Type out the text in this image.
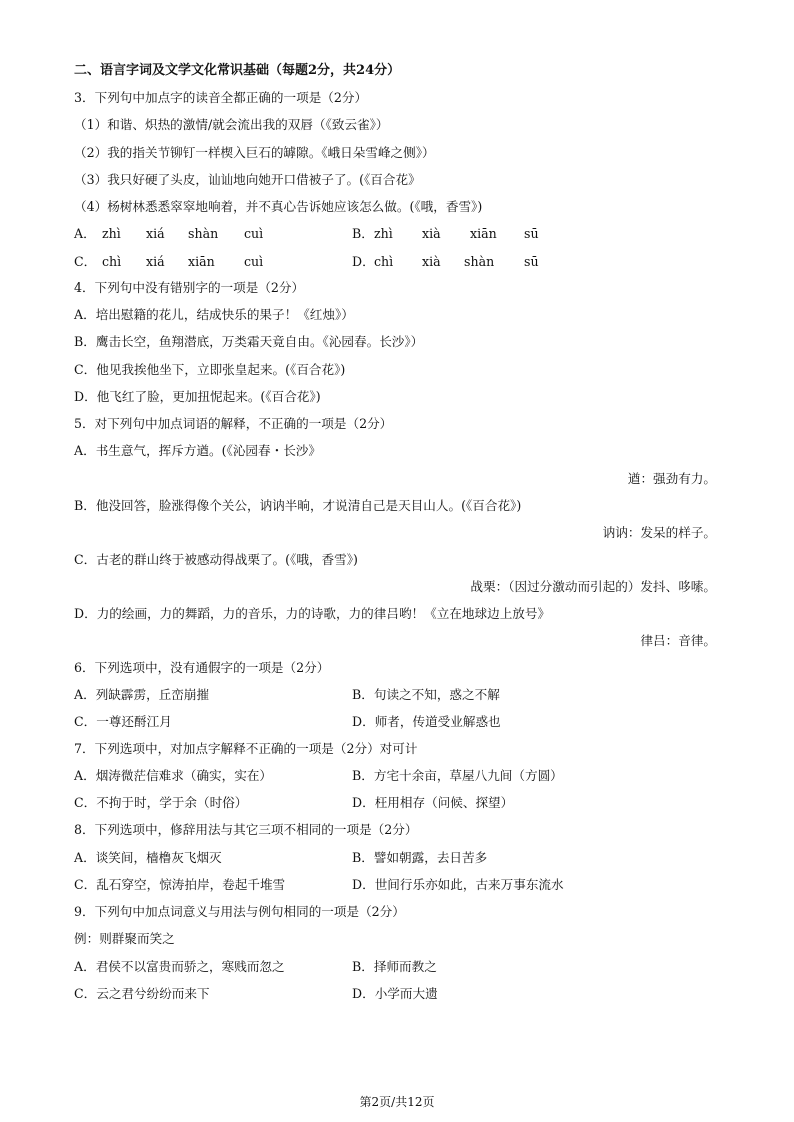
二、语言字词及文学文化常识基础（每题2分，共24分）
3．下列句中加点字的读音全都正确的一项是（2分）
（1）和谐、炽热的激情/就会流出我的双唇（《致云雀》）
（2）我的指关节铆钉一样楔入巨石的罅隙。《峨日朵雪峰之侧》）
（3）我只好硬了头皮，讪讪地向她开口借被子了。(《百合花》
（4）杨树林悉悉窣窣地响着，并不真心告诉她应该怎么做。(《哦，香雪》)
A． zhì xiá shàn cuì	B． zhì xià xiān sū
C． chì xiá xiān cuì	D． chì xià shàn sū
4．下列句中没有错别字的一项是（2分）
A．培出慰籍的花儿，结成快乐的果子！《红烛》）
B．鹰击长空，鱼翔潜底，万类霜天竟自由。《沁园春。长沙》）
C．他见我挨他坐下，立即张皇起来。(《百合花》)
D．他飞红了脸，更加扭怩起来。(《百合花》)
5．对下列句中加点词语的解释，不正确的一项是（2分）
A．书生意气，挥斥方遒。(《沁园春・长沙》
遒：强劲有力。
B．他没回答，脸涨得像个关公，讷讷半晌，才说清自己是天目山人。(《百合花》)
讷讷：发呆的样子。
C．古老的群山终于被感动得战栗了。(《哦，香雪》)
战栗：（因过分激动而引起的）发抖、哆嗦。
D．力的绘画，力的舞蹈，力的音乐，力的诗歌，力的律吕哟！《立在地球边上放号》
律吕：音律。
6．下列选项中，没有通假字的一项是（2分）
A．列缺霹雳，丘峦崩摧	B．句读之不知，惑之不解
C．一尊还酹江月	D．师者，传道受业解惑也
7．下列选项中，对加点字解释不正确的一项是（2分）对可计
A．烟涛微茫信难求（确实，实在）	B．方宅十余亩，草屋八九间（方圆）
C．不拘于时，学于余（时俗）	D．枉用相存（问候、探望）
8．下列选项中，修辞用法与其它三项不相同的一项是（2分）
A．谈笑间，樯橹灰飞烟灭	B．譬如朝露，去日苦多
C．乱石穿空，惊涛拍岸，卷起千堆雪	D．世间行乐亦如此，古来万事东流水
9．下列句中加点词意义与用法与例句相同的一项是（2分）
例：则群聚而笑之
A．君侯不以富贵而骄之，寒贱而忽之	B．择师而教之
C．云之君兮纷纷而来下	D．小学而大遗
第2页/共12页
